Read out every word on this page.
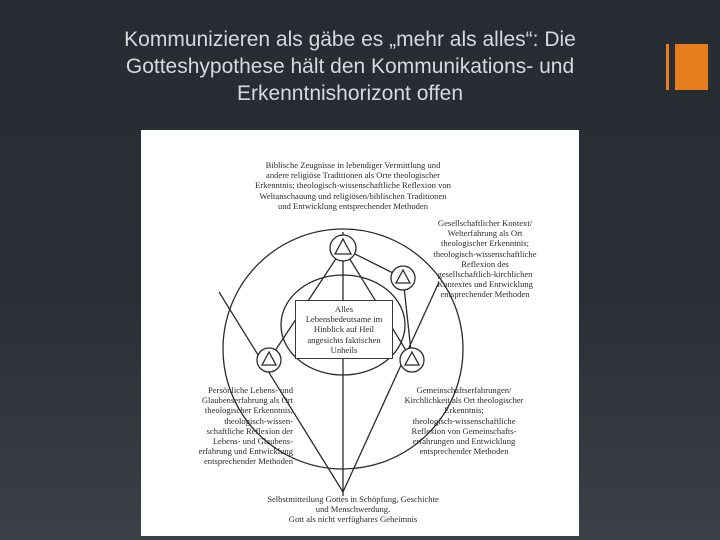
Kommunizieren als gäbe es „mehr als alles“: Die Gotteshypothese hält den Kommunikations- und Erkenntnishorizont offen
Biblische Zeugnisse in lebendiger Vermittlung und
andere religiöse Traditionen als Orte theologischer
Erkenntnis; theologisch-wissenschaftliche Reflexion von
Weltanschauung und religiösen/biblischen Traditionen
und Entwicklung entsprechender Methoden
Gesellschaftlicher Kontext/
Welterfahrung als Ort
theologischer Erkenntnis;
theologisch-wissenschaftliche
Reflexion des
gesellschaftlich-kirchlichen
Kontextes und Entwicklung
entsprechender Methoden
Alles
Lebensbedeutsame im
Hinblick auf Heil
angesichts faktischen
Unheils
Persönliche Lebens- und
Glaubenserfahrung als Ort
theologischer Erkenntnis;
theologisch-wissen-
schaftliche Reflexion der
Lebens- und Glaubens-
erfahrung und Entwicklung
entsprechender Methoden
Gemeinschaftserfahrungen/
Kirchlichkeit als Ort theologischer
Erkenntnis;
theologisch-wissenschaftliche
Reflexion von Gemeinschafts-
erfahrungen und Entwicklung
entsprechender Methoden
Selbstmitteilung Gottes in Schöpfung, Geschichte
und Menschwerdung.
Gott als nicht verfügbares Geheimnis
